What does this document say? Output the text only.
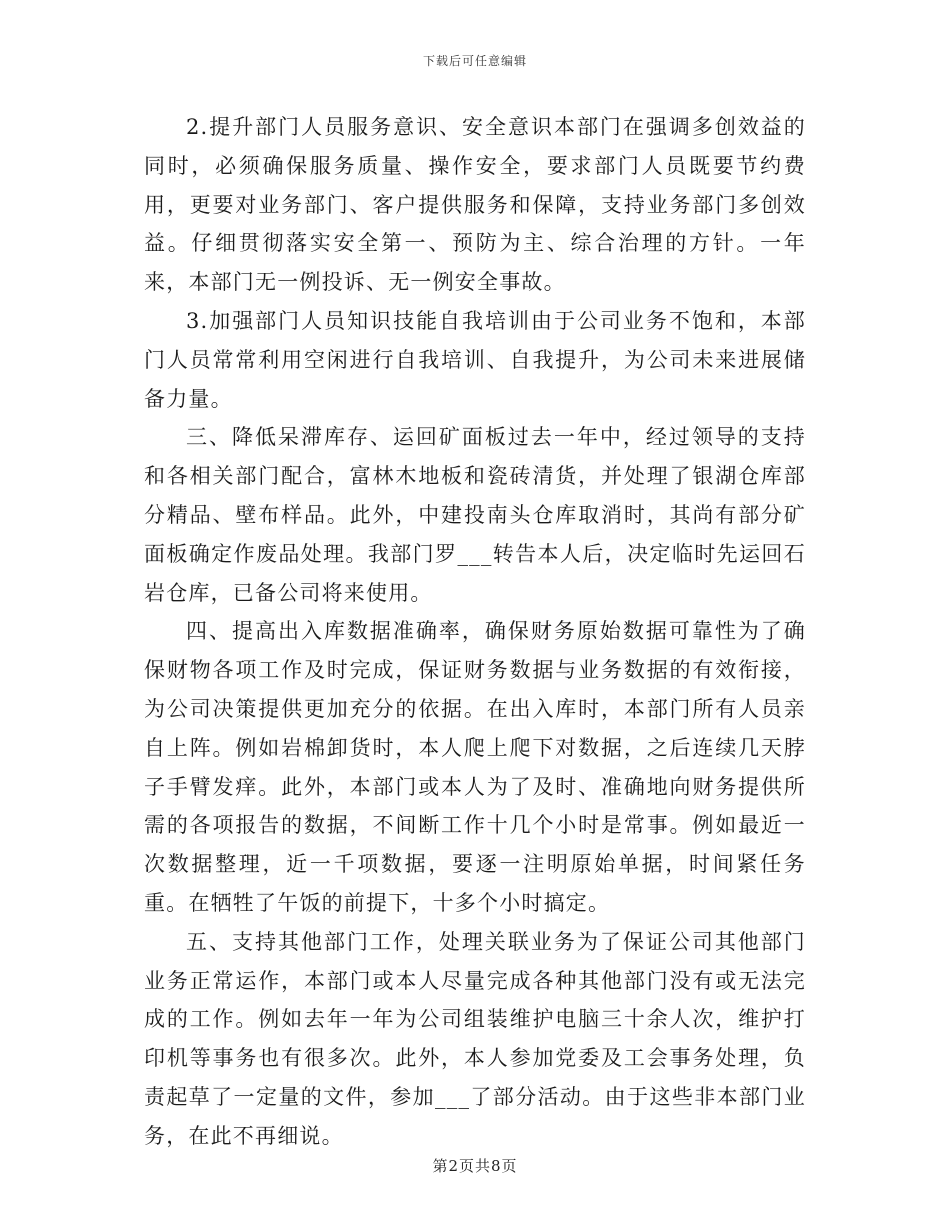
下载后可任意编辑

2.提升部门人员服务意识、安全意识本部门在强调多创效益的同时，必须确保服务质量、操作安全，要求部门人员既要节约费用，更要对业务部门、客户提供服务和保障，支持业务部门多创效益。仔细贯彻落实安全第一、预防为主、综合治理的方针。一年来，本部门无一例投诉、无一例安全事故。

3.加强部门人员知识技能自我培训由于公司业务不饱和，本部门人员常常利用空闲进行自我培训、自我提升，为公司未来进展储备力量。

三、降低呆滞库存、运回矿面板过去一年中，经过领导的支持和各相关部门配合，富林木地板和瓷砖清货，并处理了银湖仓库部分精品、壁布样品。此外，中建投南头仓库取消时，其尚有部分矿面板确定作废品处理。我部门罗___转告本人后，决定临时先运回石岩仓库，已备公司将来使用。

四、提高出入库数据准确率，确保财务原始数据可靠性为了确保财物各项工作及时完成，保证财务数据与业务数据的有效衔接，为公司决策提供更加充分的依据。在出入库时，本部门所有人员亲自上阵。例如岩棉卸货时，本人爬上爬下对数据，之后连续几天脖子手臂发痒。此外，本部门或本人为了及时、准确地向财务提供所需的各项报告的数据，不间断工作十几个小时是常事。例如最近一次数据整理，近一千项数据，要逐一注明原始单据，时间紧任务重。在牺牲了午饭的前提下，十多个小时搞定。

五、支持其他部门工作，处理关联业务为了保证公司其他部门业务正常运作，本部门或本人尽量完成各种其他部门没有或无法完成的工作。例如去年一年为公司组装维护电脑三十余人次，维护打印机等事务也有很多次。此外，本人参加党委及工会事务处理，负责起草了一定量的文件，参加___了部分活动。由于这些非本部门业务，在此不再细说。

第2页共8页
